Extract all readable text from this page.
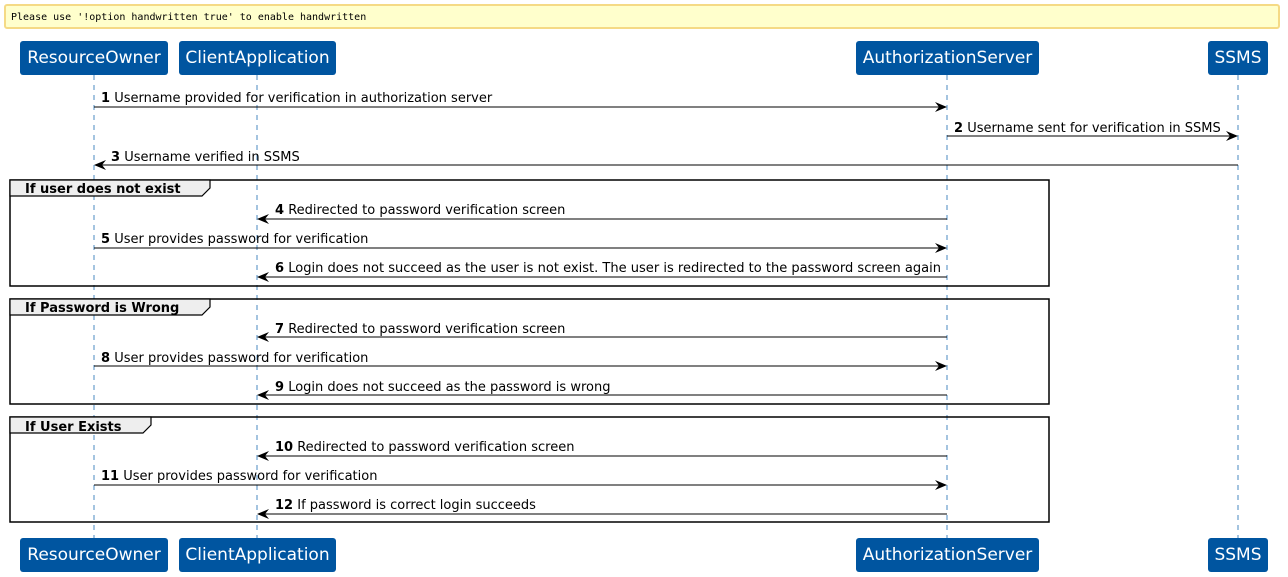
Please use '!option handwritten true' to enable handwritten
ResourceOwner	ClientApplication	AuthorizationServer	SSMS
ResourceOwner	ClientApplication	AuthorizationServer	SSMS
If user does not exist
If Password is Wrong
If User Exists
1 Username provided for verification in authorization server
2 Username sent for verification in SSMS
3 Username verified in SSMS
4 Redirected to password verification screen
5 User provides password for verification
6 Login does not succeed as the user is not exist. The user is redirected to the password screen again
7 Redirected to password verification screen
8 User provides password for verification
9 Login does not succeed as the password is wrong
10 Redirected to password verification screen
11 User provides password for verification
12 If password is correct login succeeds
